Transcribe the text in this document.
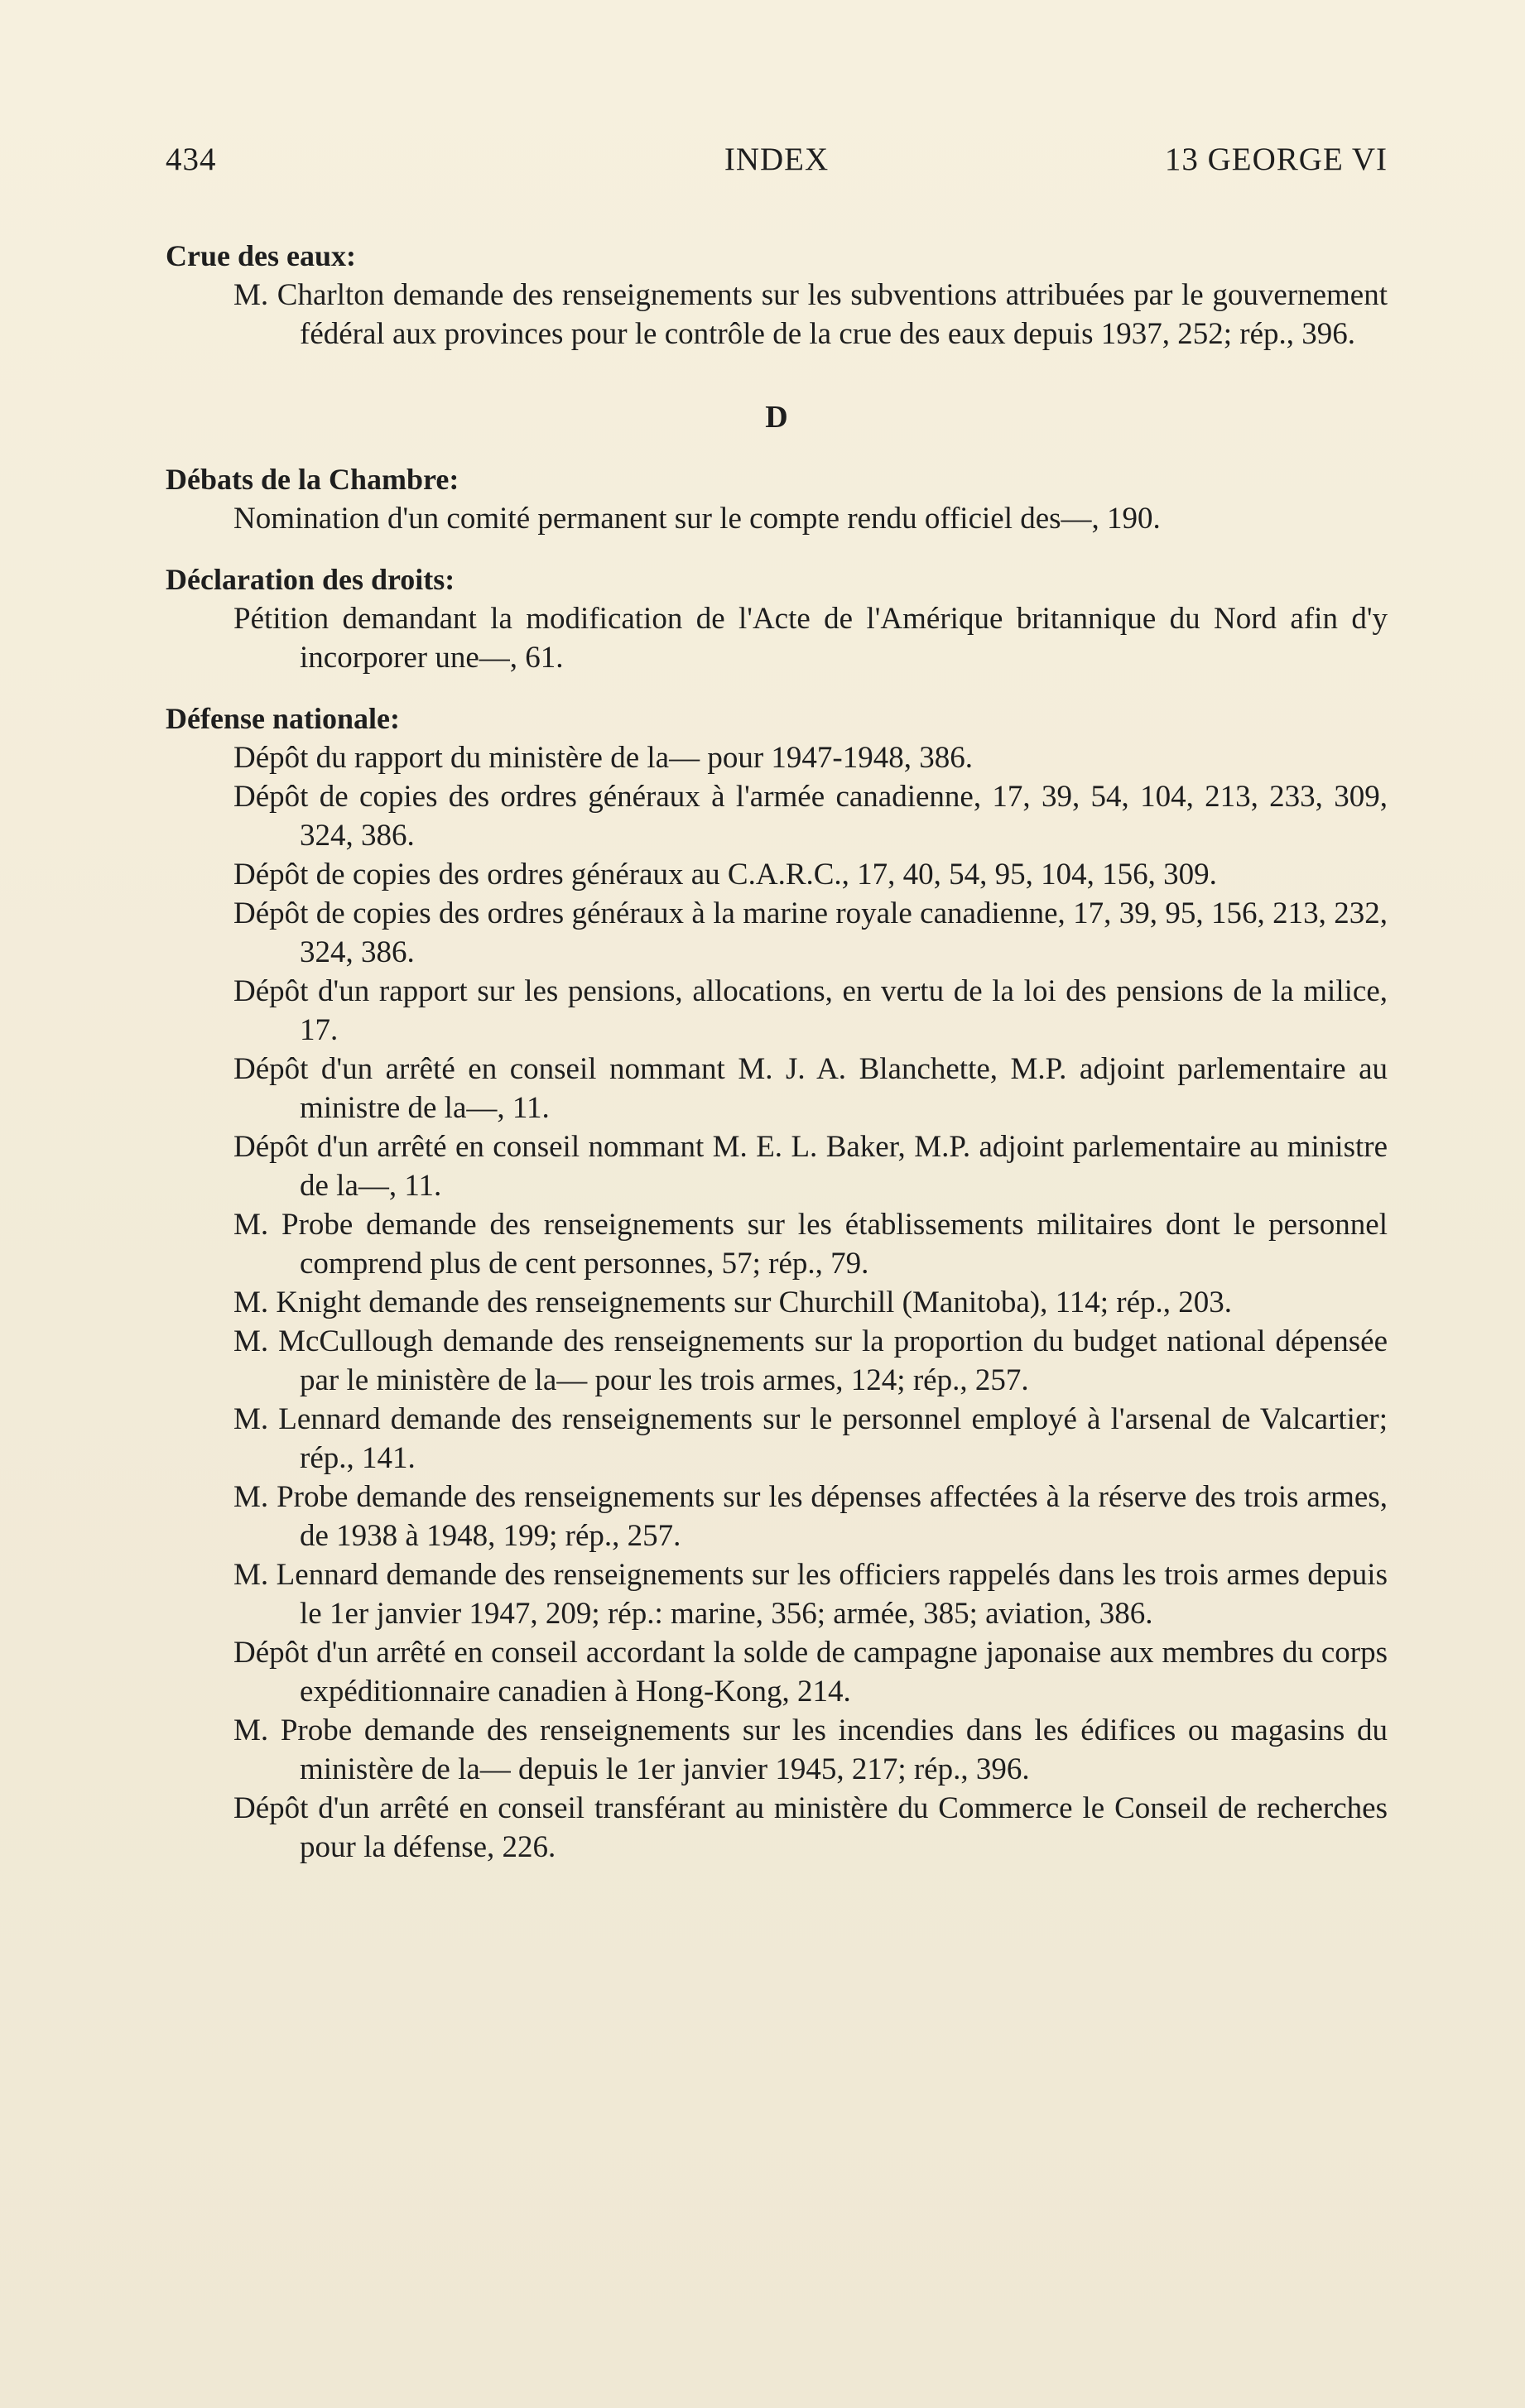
434	INDEX	13 GEORGE VI
Crue des eaux:

M. Charlton demande des renseignements sur les subventions attribuées par le gouvernement fédéral aux provinces pour le contrôle de la crue des eaux depuis 1937, 252; rép., 396.

D
Débats de la Chambre:

Nomination d'un comité permanent sur le compte rendu officiel des—, 190.

Déclaration des droits:

Pétition demandant la modification de l'Acte de l'Amérique britannique du Nord afin d'y incorporer une—, 61.

Défense nationale:

Dépôt du rapport du ministère de la— pour 1947-1948, 386.

Dépôt de copies des ordres généraux à l'armée canadienne, 17, 39, 54, 104, 213, 233, 309, 324, 386.

Dépôt de copies des ordres généraux au C.A.R.C., 17, 40, 54, 95, 104, 156, 309.

Dépôt de copies des ordres généraux à la marine royale canadienne, 17, 39, 95, 156, 213, 232, 324, 386.

Dépôt d'un rapport sur les pensions, allocations, en vertu de la loi des pensions de la milice, 17.

Dépôt d'un arrêté en conseil nommant M. J. A. Blanchette, M.P. adjoint parlementaire au ministre de la—, 11.

Dépôt d'un arrêté en conseil nommant M. E. L. Baker, M.P. adjoint parlementaire au ministre de la—, 11.

M. Probe demande des renseignements sur les établissements militaires dont le personnel comprend plus de cent personnes, 57; rép., 79.

M. Knight demande des renseignements sur Churchill (Manitoba), 114; rép., 203.

M. McCullough demande des renseignements sur la proportion du budget national dépensée par le ministère de la— pour les trois armes, 124; rép., 257.

M. Lennard demande des renseignements sur le personnel employé à l'arsenal de Valcartier; rép., 141.

M. Probe demande des renseignements sur les dépenses affectées à la réserve des trois armes, de 1938 à 1948, 199; rép., 257.

M. Lennard demande des renseignements sur les officiers rappelés dans les trois armes depuis le 1er janvier 1947, 209; rép.: marine, 356; armée, 385; aviation, 386.

Dépôt d'un arrêté en conseil accordant la solde de campagne japonaise aux membres du corps expéditionnaire canadien à Hong-Kong, 214.

M. Probe demande des renseignements sur les incendies dans les édifices ou magasins du ministère de la— depuis le 1er janvier 1945, 217; rép., 396.

Dépôt d'un arrêté en conseil transférant au ministère du Commerce le Conseil de recherches pour la défense, 226.
